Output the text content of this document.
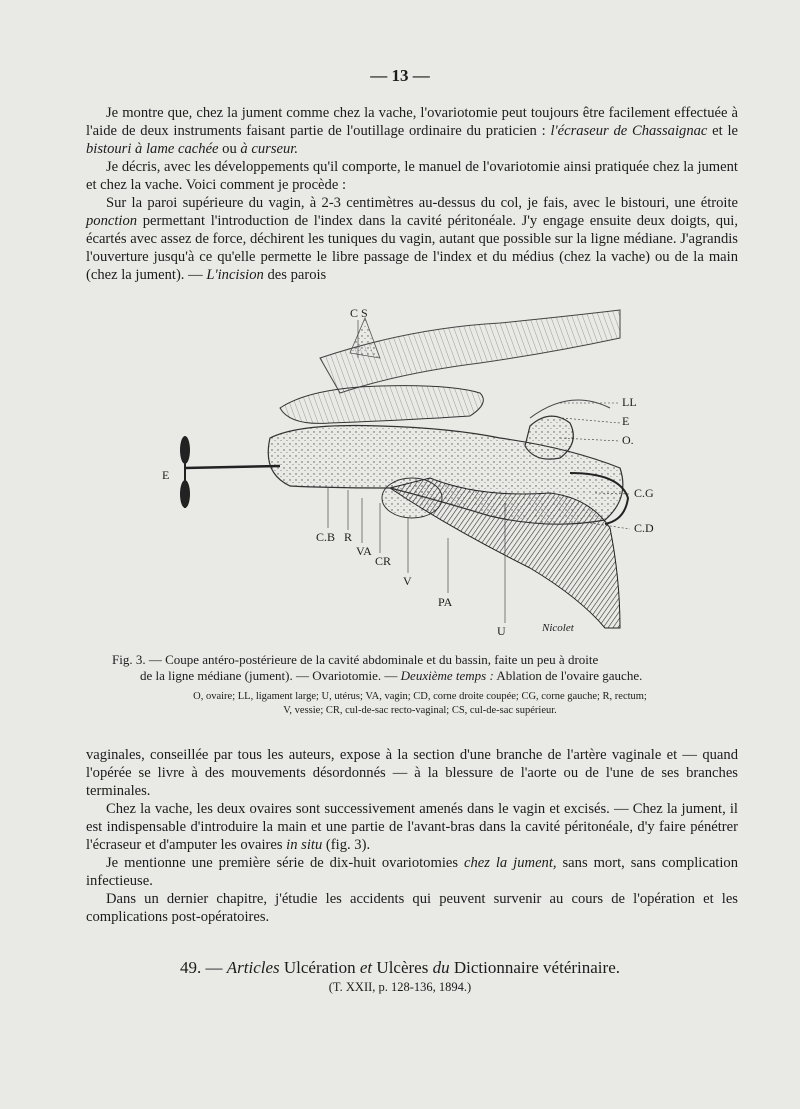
— 13 —

Je montre que, chez la jument comme chez la vache, l'ovariotomie peut toujours être facilement effectuée à l'aide de deux instruments faisant partie de l'outillage ordinaire du praticien : l'écraseur de Chassaignac et le bistouri à lame cachée ou à curseur.

Je décris, avec les développements qu'il comporte, le manuel de l'ovariotomie ainsi pratiquée chez la jument et chez la vache. Voici comment je procède :

Sur la paroi supérieure du vagin, à 2-3 centimètres au-dessus du col, je fais, avec le bistouri, une étroite ponction permettant l'introduction de l'index dans la cavité péritonéale. J'y engage ensuite deux doigts, qui, écartés avec assez de force, déchirent les tuniques du vagin, autant que possible sur la ligne médiane. J'agrandis l'ouverture jusqu'à ce qu'elle permette le libre passage de l'index et du médius (chez la vache) ou de la main (chez la jument). — L'incision des parois

C S
LL
E
O.
E
C.G
C.D
C.B R
VA
CR
V
PA
U	Nicolet
Fig. 3. — Coupe antéro-postérieure de la cavité abdominale et du bassin, faite un peu à droite
de la ligne médiane (jument). — Ovariotomie. — Deuxième temps : Ablation de l'ovaire gauche.
O, ovaire; LL, ligament large; U, utérus; VA, vagin; CD, corne droite coupée; CG, corne gauche; R, rectum;
V, vessie; CR, cul-de-sac recto-vaginal; CS, cul-de-sac supérieur.

vaginales, conseillée par tous les auteurs, expose à la section d'une branche de l'artère vaginale et — quand l'opérée se livre à des mouvements désordonnés — à la blessure de l'aorte ou de l'une de ses branches terminales.

Chez la vache, les deux ovaires sont successivement amenés dans le vagin et excisés. — Chez la jument, il est indispensable d'introduire la main et une partie de l'avant-bras dans la cavité péritonéale, d'y faire pénétrer l'écraseur et d'amputer les ovaires in situ (fig. 3).

Je mentionne une première série de dix-huit ovariotomies chez la jument, sans mort, sans complication infectieuse.

Dans un dernier chapitre, j'étudie les accidents qui peuvent survenir au cours de l'opération et les complications post-opératoires.

49. — Articles Ulcération et Ulcères du Dictionnaire vétérinaire.
(T. XXII, p. 128-136, 1894.)
